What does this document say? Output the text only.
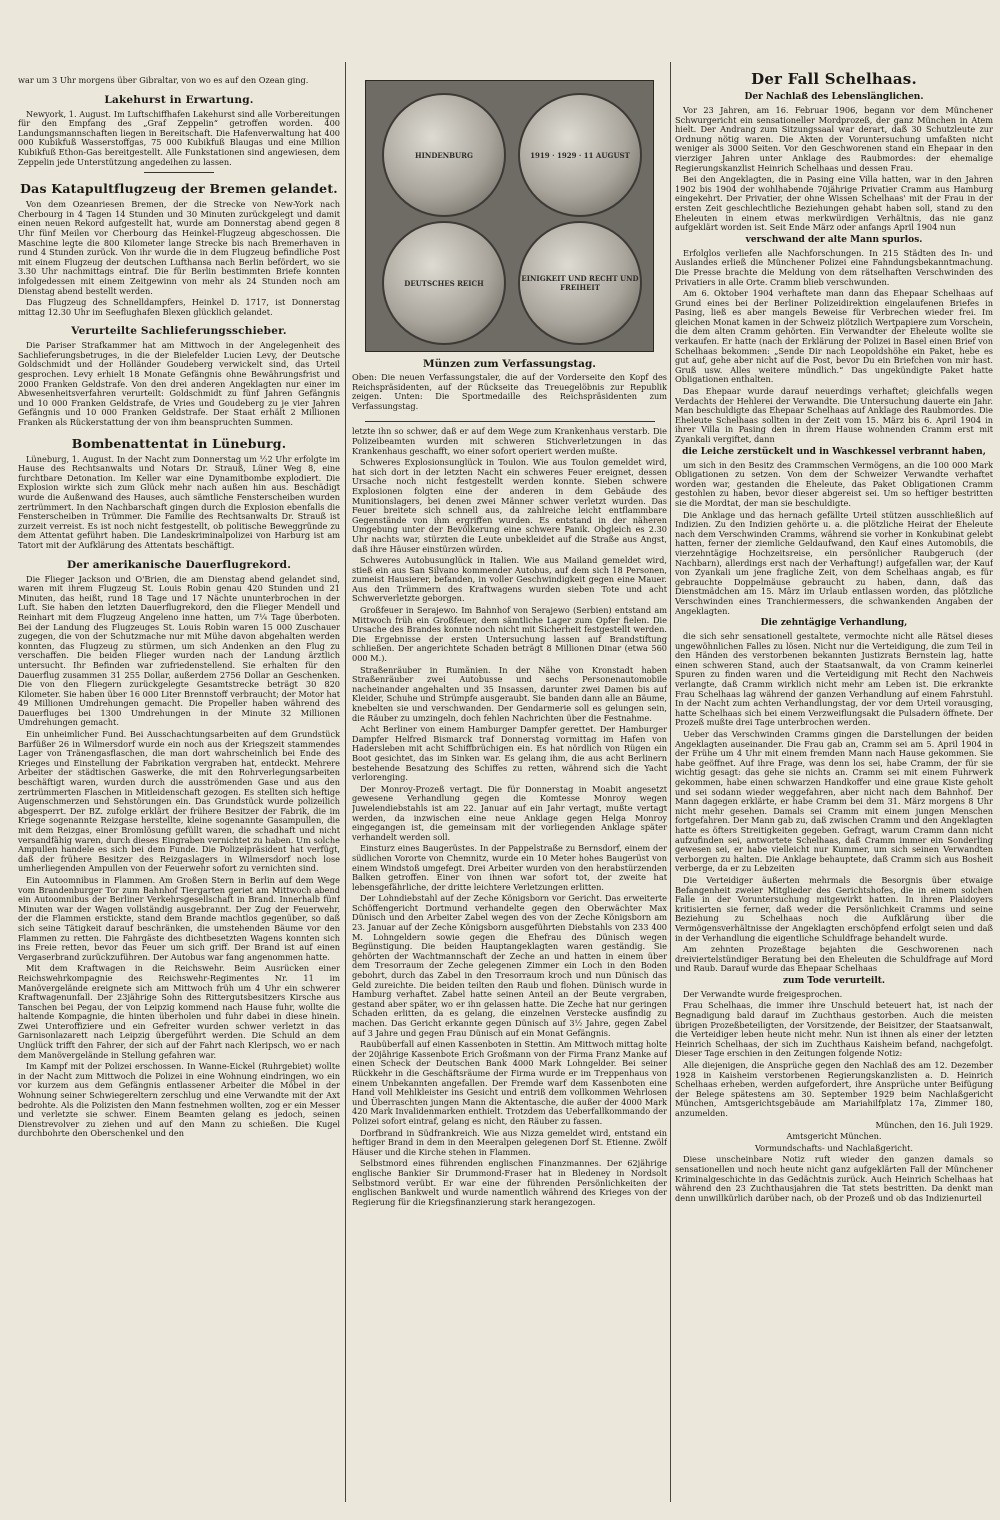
war um 3 Uhr morgens über Gibraltar, von wo es auf den Ozean ging.

Lakehurst in Erwartung.

Newyork, 1. August. Im Luftschiffhafen Lakehurst sind alle Vorbereitungen für den Empfang des „Graf Zeppelin“ getroffen worden. 400 Landungsmannschaften liegen in Bereitschaft. Die Hafenverwaltung hat 400 000 Kubikfuß Wasserstoffgas, 75 000 Kubikfuß Blaugas und eine Million Kubikfuß Ethon-Gas bereitgestellt. Alle Funkstationen sind angewiesen, dem Zeppelin jede Unterstützung angedeihen zu lassen.

Das Katapultflugzeug der Bremen gelandet.

Von dem Ozeanriesen Bremen, der die Strecke von New-York nach Cherbourg in 4 Tagen 14 Stunden und 30 Minuten zurückgelegt und damit einen neuen Rekord aufgestellt hat, wurde am Donnerstag abend gegen 8 Uhr fünf Meilen vor Cherbourg das Heinkel-Flugzeug abgeschossen. Die Maschine legte die 800 Kilometer lange Strecke bis nach Bremerhaven in rund 4 Stunden zurück. Von ihr wurde die in dem Flugzeug befindliche Post mit einem Flugzeug der deutschen Lufthansa nach Berlin befördert, wo sie 3.30 Uhr nachmittags eintraf. Die für Berlin bestimmten Briefe konnten infolgedessen mit einem Zeitgewinn von mehr als 24 Stunden noch am Dienstag abend bestellt werden.

Das Flugzeug des Schnelldampfers, Heinkel D. 1717, ist Donnerstag mittag 12.30 Uhr im Seeflughafen Blexen glücklich gelandet.

Verurteilte Sachlieferungsschieber.

Die Pariser Strafkammer hat am Mittwoch in der Angelegenheit des Sachlieferungsbetruges, in die der Bielefelder Lucien Levy, der Deutsche Goldschmidt und der Holländer Goudeberg verwickelt sind, das Urteil gesprochen. Levy erhielt 18 Monate Gefängnis ohne Bewährungsfrist und 2000 Franken Geldstrafe. Von den drei anderen Angeklagten nur einer im Abwesenheitsverfahren verurteilt: Goldschmidt zu fünf Jahren Gefängnis und 10 000 Franken Geldstrafe, de Vries und Goudeberg zu je vier Jahren Gefängnis und 10 000 Franken Geldstrafe. Der Staat erhält 2 Millionen Franken als Rückerstattung der von ihm beanspruchten Summen.

Bombenattentat in Lüneburg.

Lüneburg, 1. August. In der Nacht zum Donnerstag um ½2 Uhr erfolgte im Hause des Rechtsanwalts und Notars Dr. Strauß, Lüner Weg 8, eine furchtbare Detonation. Im Keller war eine Dynamitbombe explodiert. Die Explosion wirkte sich zum Glück mehr nach außen hin aus. Beschädigt wurde die Außenwand des Hauses, auch sämtliche Fensterscheiben wurden zertrümmert. In den Nachbarschaft gingen durch die Explosion ebenfalls die Fensterscheiben in Trümmer. Die Familie des Rechtsanwalts Dr. Strauß ist zurzeit verreist. Es ist noch nicht festgestellt, ob politische Beweggründe zu dem Attentat geführt haben. Die Landeskriminalpolizei von Harburg ist am Tatort mit der Aufklärung des Attentats beschäftigt.

Der amerikanische Dauerflugrekord.

Die Flieger Jackson und O'Brien, die am Dienstag abend gelandet sind, waren mit ihrem Flugzeug St. Louis Robin genau 420 Stunden und 21 Minuten, das heißt, rund 18 Tage und 17 Nächte ununterbrochen in der Luft. Sie haben den letzten Dauerflugrekord, den die Flieger Mendell und Reinhart mit dem Flugzeug Angeleno inne hatten, um 7¼ Tage überboten. Bei der Landung des Flugzeuges St. Louis Robin waren 15 000 Zuschauer zugegen, die von der Schutzmache nur mit Mühe davon abgehalten werden konnten, das Flugzeug zu stürmen, um sich Andenken an den Flug zu verschaffen. Die beiden Flieger wurden nach der Landung ärztlich untersucht. Ihr Befinden war zufriedenstellend. Sie erhalten für den Dauerflug zusammen 31 255 Dollar, außerdem 2756 Dollar an Geschenken. Die von den Fliegern zurückgelegte Gesamtstrecke beträgt 30 820 Kilometer. Sie haben über 16 000 Liter Brennstoff verbraucht; der Motor hat 49 Millionen Umdrehungen gemacht. Die Propeller haben während des Dauerfluges bei 1300 Umdrehungen in der Minute 32 Millionen Umdrehungen gemacht.

Ein unheimlicher Fund. Bei Ausschachtungsarbeiten auf dem Grundstück Barfüßer 26 in Wilmersdorf wurde ein noch aus der Kriegszeit stammendes Lager von Tränengasflaschen, die man dort wahrscheinlich bei Ende des Krieges und Einstellung der Fabrikation vergraben hat, entdeckt. Mehrere Arbeiter der städtischen Gaswerke, die mit den Rohrverlegungsarbeiten beschäftigt waren, wurden durch die ausströmenden Gase und aus den zertrümmerten Flaschen in Mitleidenschaft gezogen. Es stellten sich heftige Augenschmerzen und Sehstörungen ein. Das Grundstück wurde polizeilich abgesperrt. Der BZ. zufolge erklärt der frühere Besitzer der Fabrik, die im Kriege sogenannte Reizgase herstellte, kleine sogenannte Gasampullen, die mit dem Reizgas, einer Bromlösung gefüllt waren, die schadhaft und nicht versandfähig waren, durch dieses Eingraben vernichtet zu haben. Um solche Ampullen handele es sich bei dem Funde. Die Polizeipräsident hat verfügt, daß der frühere Besitzer des Reizgaslagers in Wilmersdorf noch lose umherliegenden Ampullen von der Feuerwehr sofort zu vernichten sind.

Ein Autoomnibus in Flammen. Am Großen Stern in Berlin auf dem Wege vom Brandenburger Tor zum Bahnhof Tiergarten geriet am Mittwoch abend ein Autoomnibus der Berliner Verkehrsgesellschaft in Brand. Innerhalb fünf Minuten war der Wagen vollständig ausgebrannt. Der Zug der Feuerwehr, der die Flammen erstickte, stand dem Brande machtlos gegenüber, so daß sich seine Tätigkeit darauf beschränken, die umstehenden Bäume vor den Flammen zu retten. Die Fahrgäste des dichtbesetzten Wagens konnten sich ins Freie retten, bevor das Feuer um sich griff. Der Brand ist auf einen Vergaserbrand zurückzuführen. Der Autobus war fang angenommen hatte.

Mit dem Kraftwagen in die Reichswehr. Beim Ausrücken einer Reichswehrkompagnie des Reichswehr-Regimentes Nr. 11 im Manövergelände ereignete sich am Mittwoch früh um 4 Uhr ein schwerer Kraftwagenunfall. Der 23jährige Sohn des Rittergutsbesitzers Kirsche aus Tanschen bei Pegau, der von Leipzig kommend nach Hause fuhr, wollte die haltende Kompagnie, die hinten überholen und fuhr dabei in diese hinein. Zwei Unteroffiziere und ein Gefreiter wurden schwer verletzt in das Garnisonlazarett nach Leipzig übergeführt werden. Die Schuld an dem Unglück trifft den Fahrer, der sich auf der Fahrt nach Kleripsch, wo er nach dem Manövergelände in Stellung gefahren war.

Im Kampf mit der Polizei erschossen. In Wanne-Eickel (Ruhrgebiet) wollte in der Nacht zum Mittwoch die Polizei in eine Wohnung eindringen, wo ein vor kurzem aus dem Gefängnis entlassener Arbeiter die Möbel in der Wohnung seiner Schwiegereltern zerschlug und eine Verwandte mit der Axt bedrohte. Als die Polizisten den Mann festnehmen wollten, zog er ein Messer und verletzte sie schwer. Einem Beamten gelang es jedoch, seinen Dienstrevolver zu ziehen und auf den Mann zu schießen. Die Kugel durchbohrte den Oberschenkel und den

HINDENBURG	1919 · 1929 · 11 AUGUST
DEUTSCHES REICH	EINIGKEIT UND RECHT UND FREIHEIT
Münzen zum Verfassungstag.
Oben: Die neuen Verfassungstaler, die auf der Vorderseite den Kopf des Reichspräsidenten, auf der Rückseite das Treuegelöbnis zur Republik zeigen. Unten: Die Sportmedaille des Reichspräsidenten zum Verfassungstag.

letzte ihn so schwer, daß er auf dem Wege zum Krankenhaus verstarb. Die Polizeibeamten wurden mit schweren Stichverletzungen in das Krankenhaus geschafft, wo einer sofort operiert werden mußte.

Schweres Explosionsunglück in Toulon. Wie aus Toulon gemeldet wird, hat sich dort in der letzten Nacht ein schweres Feuer ereignet, dessen Ursache noch nicht festgestellt werden konnte. Sieben schwere Explosionen folgten eine der anderen in dem Gebäude des Munitionslagers, bei denen zwei Männer schwer verletzt wurden. Das Feuer breitete sich schnell aus, da zahlreiche leicht entflammbare Gegenstände von ihm ergriffen wurden. Es entstand in der näheren Umgebung unter der Bevölkerung eine schwere Panik. Obgleich es 2.30 Uhr nachts war, stürzten die Leute unbekleidet auf die Straße aus Angst, daß ihre Häuser einstürzen würden.

Schweres Autobusunglück in Italien. Wie aus Mailand gemeldet wird, stieß ein aus San Silvano kommender Autobus, auf dem sich 18 Personen, zumeist Hausierer, befanden, in voller Geschwindigkeit gegen eine Mauer. Aus den Trümmern des Kraftwagens wurden sieben Tote und acht Schwerverletzte geborgen.

Großfeuer in Serajewo. Im Bahnhof von Serajewo (Serbien) entstand am Mittwoch früh ein Großfeuer, dem sämtliche Lager zum Opfer fielen. Die Ursache des Brandes konnte noch nicht mit Sicherheit festgestellt werden. Die Ergebnisse der ersten Untersuchung lassen auf Brandstiftung schließen. Der angerichtete Schaden beträgt 8 Millionen Dinar (etwa 560 000 M.).

Straßenräuber in Rumänien. In der Nähe von Kronstadt haben Straßenräuber zwei Autobusse und sechs Personenautomobile nacheinander angehalten und 35 Insassen, darunter zwei Damen bis auf Kleider, Schuhe und Strümpfe ausgeraubt. Sie banden dann alle an Bäume, knebelten sie und verschwanden. Der Gendarmerie soll es gelungen sein, die Räuber zu umzingeln, doch fehlen Nachrichten über die Festnahme.

Acht Berliner von einem Hamburger Dampfer gerettet. Der Hamburger Dampfer Helfred Bismarck traf Donnerstag vormittag im Hafen von Hadersleben mit acht Schiffbrüchigen ein. Es hat nördlich von Rügen ein Boot gesichtet, das im Sinken war. Es gelang ihm, die aus acht Berlinern bestehende Besatzung des Schiffes zu retten, während sich die Yacht verlorenging.

Der Monroy-Prozeß vertagt. Die für Donnerstag in Moabit angesetzt gewesene Verhandlung gegen die Komtesse Monroy wegen Juwelendiebstahls ist am 22. Januar auf ein Jahr vertagt, mußte vertagt werden, da inzwischen eine neue Anklage gegen Helga Monroy eingegangen ist, die gemeinsam mit der vorliegenden Anklage später verhandelt werden soll.

Einsturz eines Baugerüstes. In der Pappelstraße zu Bernsdorf, einem der südlichen Vororte von Chemnitz, wurde ein 10 Meter hohes Baugerüst von einem Windstoß umgefegt. Drei Arbeiter wurden von den herabstürzenden Balken getroffen. Einer von ihnen war sofort tot, der zweite hat lebensgefährliche, der dritte leichtere Verletzungen erlitten.

Der Lohndiebstahl auf der Zeche Königsborn vor Gericht. Das erweiterte Schöffengericht Dortmund verhandelte gegen den Oberwächter Max Dünisch und den Arbeiter Zabel wegen des von der Zeche Königsborn am 23. Januar auf der Zeche Königsborn ausgeführten Diebstahls von 233 400 M. Lohngeldern sowie gegen die Ehefrau des Dünisch wegen Begünstigung. Die beiden Hauptangeklagten waren geständig. Sie gehörten der Wachtmannschaft der Zeche an und hatten in einem über dem Tresorraum der Zeche gelegenen Zimmer ein Loch in den Boden gebohrt, durch das Zabel in den Tresorraum kroch und nun Dünisch das Geld zureichte. Die beiden teilten den Raub und flohen. Dünisch wurde in Hamburg verhaftet. Zabel hatte seinen Anteil an der Beute vergraben, gestand aber später, wo er ihn gelassen hatte. Die Zeche hat nur geringen Schaden erlitten, da es gelang, die einzelnen Verstecke ausfindig zu machen. Das Gericht erkannte gegen Dünisch auf 3½ Jahre, gegen Zabel auf 3 Jahre und gegen Frau Dünisch auf ein Monat Gefängnis.

Raubüberfall auf einen Kassenboten in Stettin. Am Mittwoch mittag holte der 20jährige Kassenbote Erich Großmann von der Firma Franz Manke auf einen Scheck der Deutschen Bank 4000 Mark Lohngelder. Bei seiner Rückkehr in die Geschäftsräume der Firma wurde er im Treppenhaus von einem Unbekannten angefallen. Der Fremde warf dem Kassenboten eine Hand voll Mehlkleister ins Gesicht und entriß dem vollkommen Wehrlosen und Überraschten jungen Mann die Aktentasche, die außer der 4000 Mark 420 Mark Invalidenmarken enthielt. Trotzdem das Ueberfallkommando der Polizei sofort eintraf, gelang es nicht, den Räuber zu fassen.

Dorfbrand in Südfrankreich. Wie aus Nizza gemeldet wird, entstand ein heftiger Brand in dem in den Meeralpen gelegenen Dorf St. Etienne. Zwölf Häuser und die Kirche stehen in Flammen.

Selbstmord eines führenden englischen Finanzmannes. Der 62jährige englische Bankier Sir Drummond-Fraser hat in Bledeney in Nordsolt Selbstmord verübt. Er war eine der führenden Persönlichkeiten der englischen Bankwelt und wurde namentlich während des Krieges von der Regierung für die Kriegsfinanzierung stark herangezogen.

Der Fall Schelhaas.
Der Nachlaß des Lebenslänglichen.

Vor 23 Jahren, am 16. Februar 1906, begann vor dem Münchener Schwurgericht ein sensationeller Mordprozeß, der ganz München in Atem hielt. Der Andrang zum Sitzungssaal war derart, daß 30 Schutzleute zur Ordnung nötig waren. Die Akten der Voruntersuchung umfaßten nicht weniger als 3000 Seiten. Vor den Geschworenen stand ein Ehepaar in den vierziger Jahren unter Anklage des Raubmordes: der ehemalige Regierungskanzlist Heinrich Schelhaas und dessen Frau.

Bei den Angeklagten, die in Pasing eine Villa hatten, war in den Jahren 1902 bis 1904 der wohlhabende 70jährige Privatier Cramm aus Hamburg eingekehrt. Der Privatier, der ohne Wissen Schelhaas' mit der Frau in der ersten Zeit geschlechtliche Beziehungen gehabt haben soll, stand zu den Eheleuten in einem etwas merkwürdigen Verhältnis, das nie ganz aufgeklärt worden ist. Seit Ende März oder anfangs April 1904 nun

verschwand der alte Mann spurlos.

Erfolglos verliefen alle Nachforschungen. In 215 Städten des In- und Auslandes erließ die Münchener Polizei eine Fahndungsbekanntmachung. Die Presse brachte die Meldung von dem rätselhaften Verschwinden des Privatiers in alle Orte. Cramm blieb verschwunden.

Am 6. Oktober 1904 verhaftete man dann das Ehepaar Schelhaas auf Grund eines bei der Berliner Polizeidirektion eingelaufenen Briefes in Pasing, ließ es aber mangels Beweise für Verbrechen wieder frei. Im gleichen Monat kamen in der Schweiz plötzlich Wertpapiere zum Vorschein, die dem alten Cramm gehörten. Ein Verwandter der Eheleute wollte sie verkaufen. Er hatte (nach der Erklärung der Polizei in Basel einen Brief von Schelhaas bekommen: „Sende Dir nach Leopoldshöhe ein Paket, hebe es gut auf, gehe aber nicht auf die Post, bevor Du ein Briefchen von mir hast. Gruß usw. Alles weitere mündlich.“ Das ungekündigte Paket hatte Obligationen enthalten.

Das Ehepaar wurde darauf neuerdings verhaftet; gleichfalls wegen Verdachts der Hehlerei der Verwandte. Die Untersuchung dauerte ein Jahr. Man beschuldigte das Ehepaar Schelhaas auf Anklage des Raubmordes. Die Eheleute Schelhaas sollten in der Zeit vom 15. März bis 6. April 1904 in ihrer Villa in Pasing den in ihrem Hause wohnenden Cramm erst mit Zyankali vergiftet, dann

die Leiche zerstückelt und in Waschkessel verbrannt haben,

um sich in den Besitz des Crammschen Vermögens, an die 100 000 Mark Obligationen zu setzen. Von dem der Schweizer Verwandte verhaftet worden war, gestanden die Eheleute, das Paket Obligationen Cramm gestohlen zu haben, bevor dieser abgereist sei. Um so heftiger bestritten sie die Mordtat, der man sie beschuldigte.

Die Anklage und das hernach gefällte Urteil stützen ausschließlich auf Indizien. Zu den Indizien gehörte u. a. die plötzliche Heirat der Eheleute nach dem Verschwinden Cramms, während sie vorher in Konkubinat gelebt hatten, ferner der ziemliche Geldaufwand, den Kauf eines Automobils, die vierzehntägige Hochzeitsreise, ein persönlicher Raubgeruch (der Nachbarn), allerdings erst nach der Verhaftung!) aufgefallen war, der Kauf von Zyankali um jene fragliche Zeit, von dem Schelhaas angab, es für gebrauchte Doppelmäuse gebraucht zu haben, dann, daß das Dienstmädchen am 15. März im Urlaub entlassen worden, das plötzliche Verschwinden eines Tranchiermessers, die schwankenden Angaben der Angeklagten.

Die zehntägige Verhandlung,

die sich sehr sensationell gestaltete, vermochte nicht alle Rätsel dieses ungewöhnlichen Falles zu lösen. Nicht nur die Verteidigung, die zum Teil in den Händen des verstorbenen bekannten Justizrats Bernstein lag, hatte einen schweren Stand, auch der Staatsanwalt, da von Cramm keinerlei Spuren zu finden waren und die Verteidigung mit Recht den Nachweis verlangte, daß Cramm wirklich nicht mehr am Leben ist. Die erkrankte Frau Schelhaas lag während der ganzen Verhandlung auf einem Fahrstuhl. In der Nacht zum achten Verhandlungstag, der vor dem Urteil vorausging, hatte Schelhaas sich bei einem Verzweiflungsakt die Pulsadern öffnete. Der Prozeß mußte drei Tage unterbrochen werden.

Ueber das Verschwinden Cramms gingen die Darstellungen der beiden Angeklagten auseinander. Die Frau gab an, Cramm sei am 5. April 1904 in der Frühe um 4 Uhr mit einem fremden Mann nach Hause gekommen. Sie habe geöffnet. Auf ihre Frage, was denn los sei, habe Cramm, der für sie wichtig gesagt: das gehe sie nichts an. Cramm sei mit einem Fuhrwerk gekommen, habe einen schwarzen Handkoffer und eine graue Kiste geholt und sei sodann wieder weggefahren, aber nicht nach dem Bahnhof. Der Mann dagegen erklärte, er habe Cramm bei dem 31. März morgens 8 Uhr nicht mehr gesehen. Damals sei Cramm mit einem jungen Menschen fortgefahren. Der Mann gab zu, daß zwischen Cramm und den Angeklagten hatte es öfters Streitigkeiten gegeben. Gefragt, warum Cramm dann nicht aufzufinden sei, antwortete Schelhaas, daß Cramm immer ein Sonderling gewesen sei, er habe vielleicht nur Kummer, um sich seinen Verwandten verborgen zu halten. Die Anklage behauptete, daß Cramm sich aus Bosheit verberge, da er zu Lebzeiten

Die Verteidiger äußerten mehrmals die Besorgnis über etwaige Befangenheit zweier Mitglieder des Gerichtshofes, die in einem solchen Falle in der Voruntersuchung mitgewirkt hatten. In ihren Plaidoyers kritisierten sie ferner, daß weder die Persönlichkeit Cramms und seine Beziehung zu Schelhaas noch die Aufklärung über die Vermögensverhältnisse der Angeklagten erschöpfend erfolgt seien und daß in der Verhandlung die eigentliche Schuldfrage behandelt wurde.

Am zehnten Prozeßtage bejahten die Geschworenen nach dreiviertelstündiger Beratung bei den Eheleuten die Schuldfrage auf Mord und Raub. Darauf wurde das Ehepaar Schelhaas

zum Tode verurteilt.

Der Verwandte wurde freigesprochen.

Frau Schelhaas, die immer ihre Unschuld beteuert hat, ist nach der Begnadigung bald darauf im Zuchthaus gestorben. Auch die meisten übrigen Prozeßbeteiligten, der Vorsitzende, der Beisitzer, der Staatsanwalt, die Verteidiger leben heute nicht mehr. Nun ist ihnen als einer der letzten Heinrich Schelhaas, der sich im Zuchthaus Kaisheim befand, nachgefolgt. Dieser Tage erschien in den Zeitungen folgende Notiz:

Alle diejenigen, die Ansprüche gegen den Nachlaß des am 12. Dezember 1928 in Kaisheim verstorbenen Regierungskanzlisten a. D. Heinrich Schelhaas erheben, werden aufgefordert, ihre Ansprüche unter Beifügung der Belege spätestens am 30. September 1929 beim Nachlaßgericht München, Amtsgerichtsgebäude am Mariahilfplatz 17a, Zimmer 180, anzumelden.

München, den 16. Juli 1929.

Amtsgericht München.

Vormundschafts- und Nachlaßgericht.

Diese unscheinbare Notiz ruft wieder den ganzen damals so sensationellen und noch heute nicht ganz aufgeklärten Fall der Münchener Kriminalgeschichte in das Gedächtnis zurück. Auch Heinrich Schelhaas hat während den 23 Zuchthausjahren die Tat stets bestritten. Da denkt man denn unwillkürlich darüber nach, ob der Prozeß und ob das Indizienurteil
